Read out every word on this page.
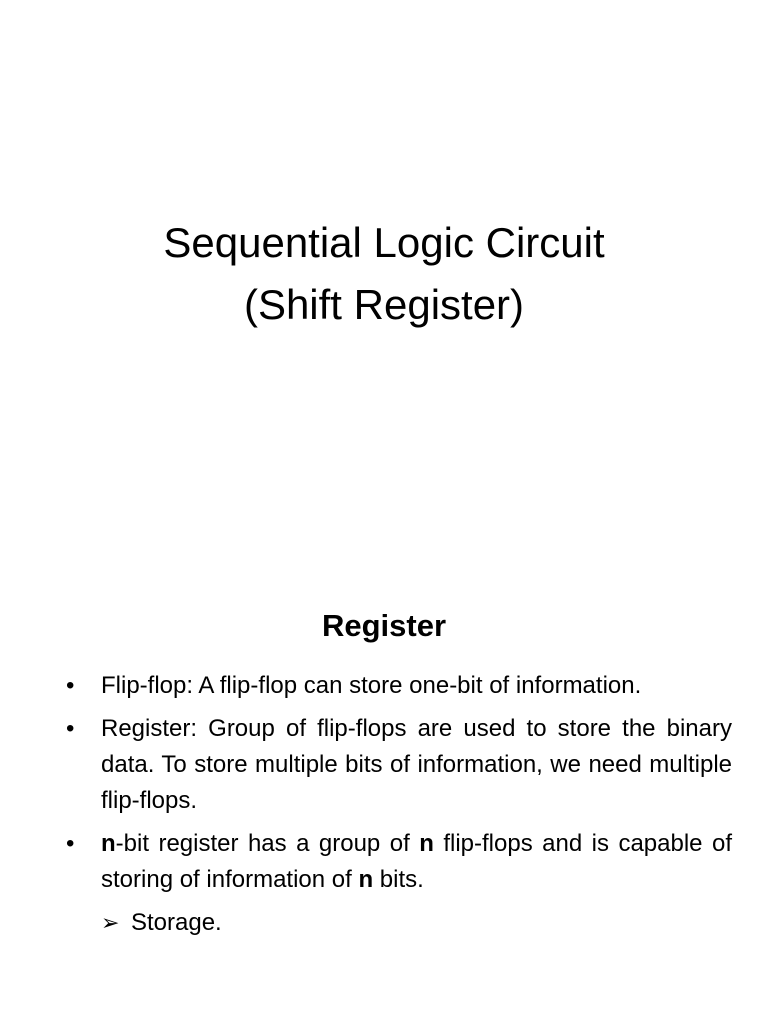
Sequential Logic Circuit
(Shift Register)
Register
•	Flip-flop: A flip-flop can store one-bit of information.
•	Register: Group of flip-flops are used to store the binary data. To store multiple bits of information, we need multiple flip-flops.
•	n-bit register has a group of n flip-flops and is capable of storing of information of n bits.
➢ Storage.
